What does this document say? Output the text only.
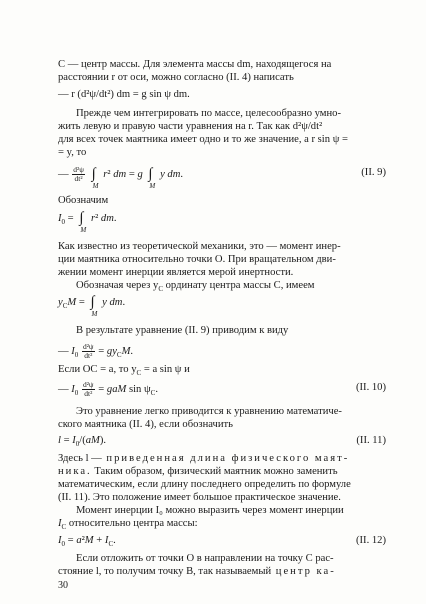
С — центр массы. Для элемента массы dm, находящегося на
расстоянии r от оси, можно согласно (II. 4) написать
— r (d²ψ/dt²) dm = g sin ψ dm.
Прежде чем интегрировать по массе, целесообразно умно-
жить левую и правую части уравнения на r. Так как d²ψ/dt²
для всех точек маятника имеет одно и то же значение, а r sin ψ =
= y, то
— $\frac{\text{d²ψ}}{\text{dt²}}$ ∫
M
r² dm = g ∫
M
y dm.	(II. 9)
Обозначим
$I_0$ = ∫
M
r² dm.
Как известно из теоретической механики, это — момент инер-
ции маятника относительно точки O. При вращательном дви-
жении момент инерции является мерой инертности.
Обозначая через $y_C$ ординату центра массы C, имеем
$y_CM$ = ∫
M
y dm.
В результате уравнение (II. 9) приводим к виду
— $I_0 \frac{\text{d²ψ}}{\text{dt²}} = gy_CM$.
Если OC = a, то $y_C = a$ sin ψ и
— $I_0 \frac{\text{d²ψ}}{\text{dt²}}$ = gaM $\sin \psi_C$.	(II. 10)
Это уравнение легко приводится к уравнению математиче-
ского маятника (II. 4), если обозначить
$l = I_0/(aM)$.	(II. 11)
Здесь l — приведенная длина физического маят-
ника. Таким образом, физический маятник можно заменить
математическим, если длину последнего определить по формуле
(II. 11). Это положение имеет большое практическое значение.
Момент инерции I₀ можно выразить через момент инерции
$I_C$ относительно центра массы:
$I_0 = a^2M + I_C$.	(II. 12)
Если отложить от точки O в направлении на точку C рас-
стояние l, то получим точку B, так называемый центр ка-
30
